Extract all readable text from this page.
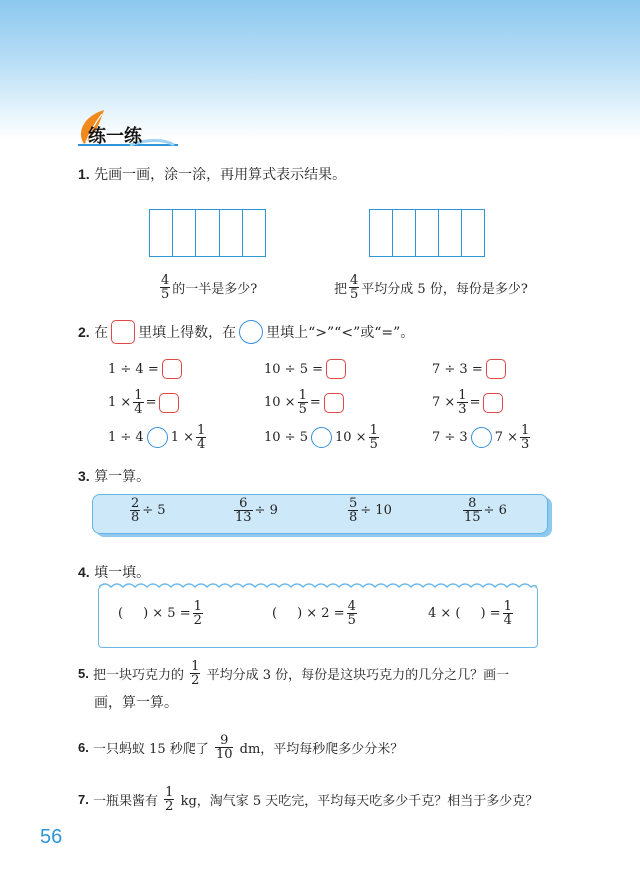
练一练
1. 先画一画，涂一涂，再用算式表示结果。
$\frac{4}{5}$ 的一半是多少?	把 $\frac{4}{5}$ 平均分成 5 份，每份是多少?
2.
在 里填上得数，在 里填上“>”“<”或“=”。
1 ÷ 4 =	10 ÷ 5 =	7 ÷ 3 =
$1 \times \frac{1}{4}$ =	$10 \times \frac{1}{5}$ =	$7 \times \frac{1}{3}$ =
1 ÷ 4 $1 \times \frac{1}{4}$	10 ÷ 5 $10 \times \frac{1}{5}$	7 ÷ 3 $7 \times \frac{1}{3}$
3. 算一算。
$\frac{2}{8} \div 5$	$\frac{6}{13} \div 9$	$\frac{5}{8} \div 10$	$\frac{8}{15} \div 6$
4. 填一填。
( ) × $5 = \frac{1}{2}$	( ) × $2 = \frac{4}{5}$	4 × ( ) = $\frac{1}{4}$
5.
把一块巧克力的
$\frac{1}{2}$
平均分成 3 份，每份是这块巧克力的几分之几？画一
画，算一算。
6.
一只蚂蚁 15 秒爬了
$\frac{9}{10}$
dm，平均每秒爬多少分米？
7.
一瓶果酱有
$\frac{1}{2}$
kg，淘气家 5 天吃完，平均每天吃多少千克？相当于多少克？
56
